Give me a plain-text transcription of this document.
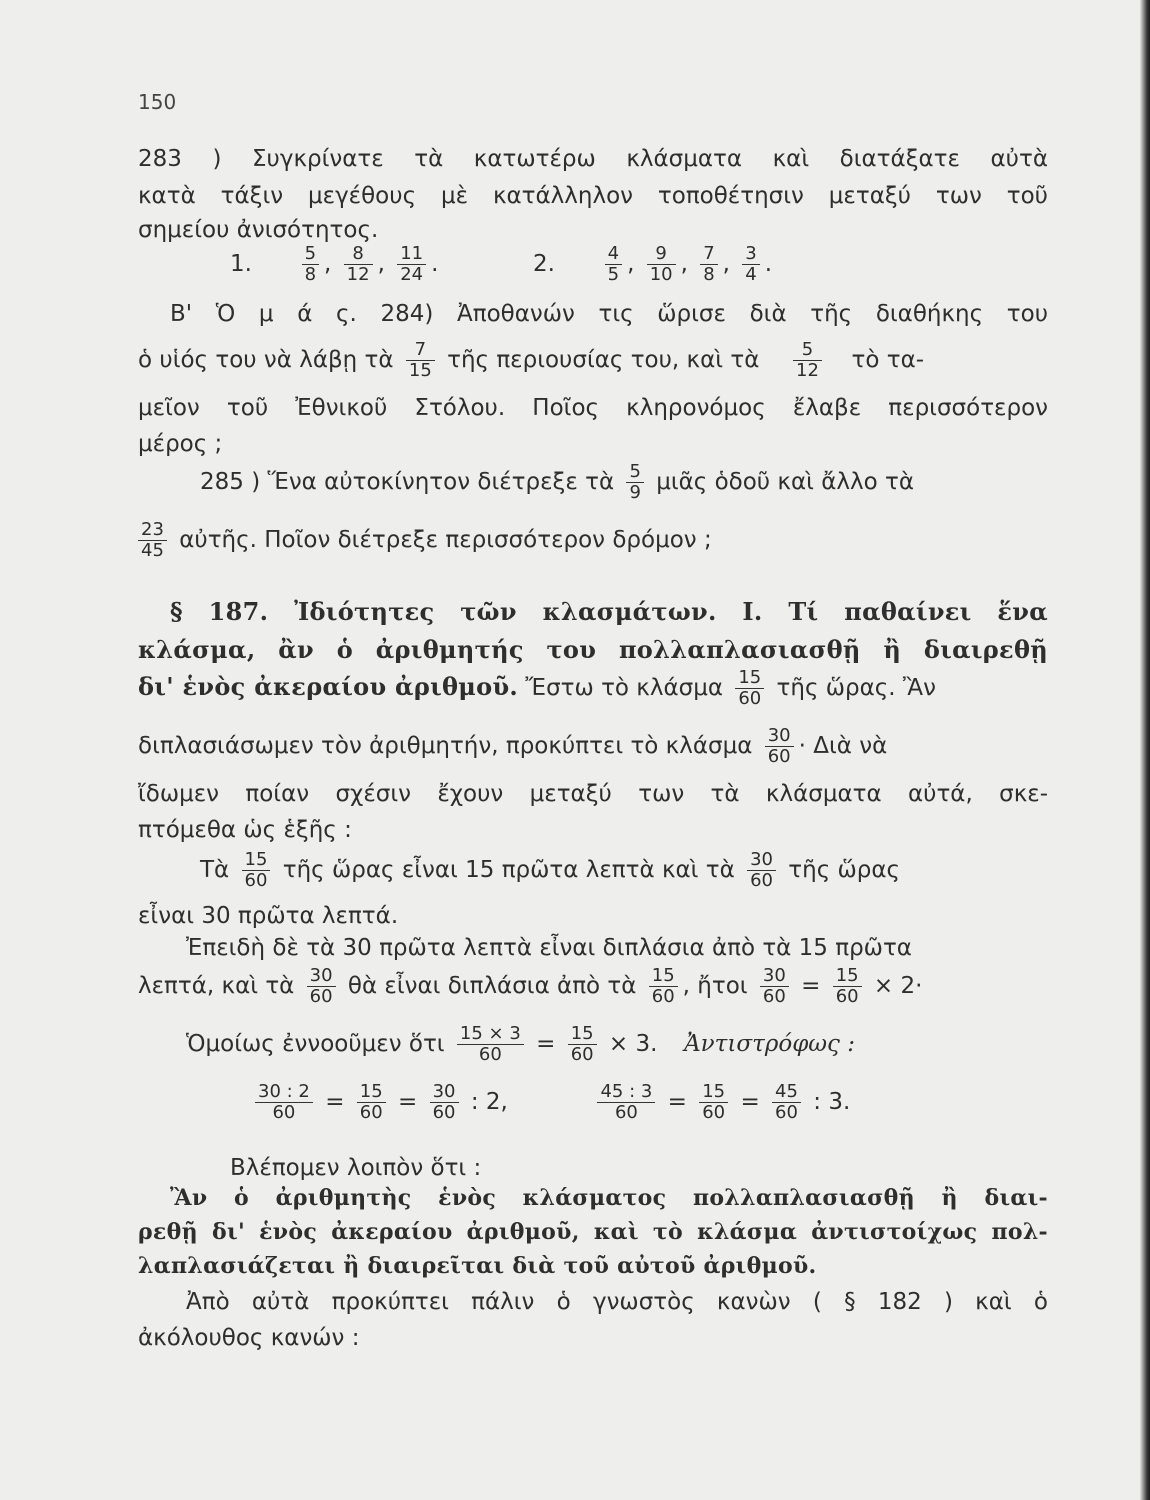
150
283 ) Συγκρίνατε τὰ κατωτέρω κλάσματα καὶ διατάξατε αὐτὰ
κατὰ τάξιν μεγέθους μὲ κατάλληλον τοποθέτησιν μεταξύ των τοῦ
σημείου ἀνισότητος.
1.	$\frac{5}{8}$ , $\frac{8}{12}$ , $\frac{11}{24}$ .	2.	$\frac{4}{5}$ , $\frac{9}{10}$ , $\frac{7}{8}$ , $\frac{3}{4}$ .
Β' Ὁ μ ά ς. 284) Ἀποθανών τις ὥρισε διὰ τῆς διαθήκης του
ὁ υἱός του νὰ λάβῃ τὰ $\frac{7}{15}$ τῆς περιουσίας του, καὶ τὰ $\frac{5}{12}$ τὸ τα-
μεῖον τοῦ Ἐθνικοῦ Στόλου. Ποῖος κληρονόμος ἔλαβε περισσότερον
μέρος ;
285 ) Ἕνα αὐτοκίνητον διέτρεξε τὰ $\frac{5}{9}$ μιᾶς ὁδοῦ καὶ ἄλλο τὰ
$\frac{23}{45}$ αὐτῆς. Ποῖον διέτρεξε περισσότερον δρόμον ;
§ 187. Ἰδιότητες τῶν κλασμάτων. Ι. Τί παθαίνει ἕνα
κλάσμα, ἂν ὁ ἀριθμητής του πολλαπλασιασθῇ ἢ διαιρεθῇ
δι' ἑνὸς ἀκεραίου ἀριθμοῦ. Ἔστω τὸ κλάσμα $\frac{15}{60}$ τῆς ὥρας. Ἂν
διπλασιάσωμεν τὸν ἀριθμητήν, προκύπτει τὸ κλάσμα $\frac{30}{60}$ · Διὰ νὰ
ἴδωμεν ποίαν σχέσιν ἔχουν μεταξύ των τὰ κλάσματα αὐτά, σκε-
πτόμεθα ὡς ἑξῆς :
Τὰ $\frac{15}{60}$ τῆς ὥρας εἶναι 15 πρῶτα λεπτὰ καὶ τὰ $\frac{30}{60}$ τῆς ὥρας
εἶναι 30 πρῶτα λεπτά.
Ἐπειδὴ δὲ τὰ 30 πρῶτα λεπτὰ εἶναι διπλάσια ἀπὸ τὰ 15 πρῶτα
λεπτά, καὶ τὰ $\frac{30}{60}$ θὰ εἶναι διπλάσια ἀπὸ τὰ $\frac{15}{60}$ , ἤτοι $\frac{30}{60} = \frac{15}{60} \times 2\cdot$
Ὁμοίως ἐννοοῦμεν ὅτι $\frac{15 \times 3}{60} = \frac{15}{60} \times 3$. Ἀντιστρόφως :
$\frac{30 : 2}{60} = \frac{15}{60} = \frac{30}{60}$ : 2,	$\frac{45 : 3}{60} = \frac{15}{60} = \frac{45}{60}$ : 3.
Βλέπομεν λοιπὸν ὅτι :
Ἂν ὁ ἀριθμητὴς ἑνὸς κλάσματος πολλαπλασιασθῇ ἢ διαι-
ρεθῇ δι' ἑνὸς ἀκεραίου ἀριθμοῦ, καὶ τὸ κλάσμα ἀντιστοίχως πολ-
λαπλασιάζεται ἢ διαιρεῖται διὰ τοῦ αὐτοῦ ἀριθμοῦ.
Ἀπὸ αὐτὰ προκύπτει πάλιν ὁ γνωστὸς κανὼν ( § 182 ) καὶ ὁ
ἀκόλουθος κανών :
